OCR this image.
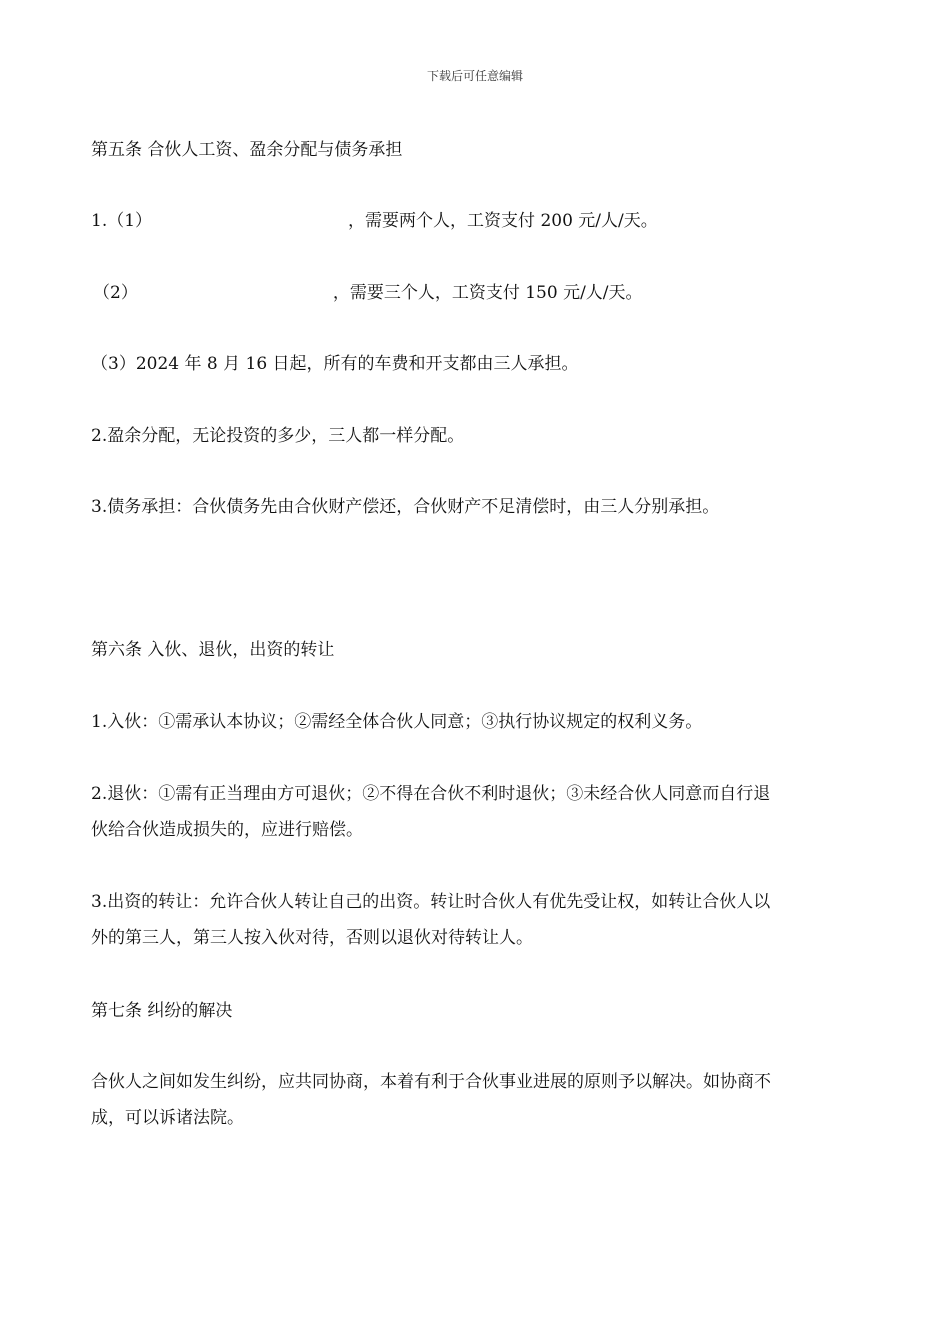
下载后可任意编辑
第五条 合伙人工资、盈余分配与债务承担
1.（1）	，需要两个人，工资支付 200 元/人/天。
（2）	，需要三个人，工资支付 150 元/人/天。
（3）2024 年 8 月 16 日起，所有的车费和开支都由三人承担。
2.盈余分配，无论投资的多少，三人都一样分配。
3.债务承担：合伙债务先由合伙财产偿还，合伙财产不足清偿时，由三人分别承担。
第六条 入伙、退伙，出资的转让
1.入伙：①需承认本协议；②需经全体合伙人同意；③执行协议规定的权利义务。
2.退伙：①需有正当理由方可退伙；②不得在合伙不利时退伙；③未经合伙人同意而自行退
伙给合伙造成损失的，应进行赔偿。
3.出资的转让：允许合伙人转让自己的出资。转让时合伙人有优先受让权，如转让合伙人以
外的第三人，第三人按入伙对待，否则以退伙对待转让人。
第七条 纠纷的解决
合伙人之间如发生纠纷，应共同协商，本着有利于合伙事业进展的原则予以解决。如协商不
成，可以诉诸法院。
